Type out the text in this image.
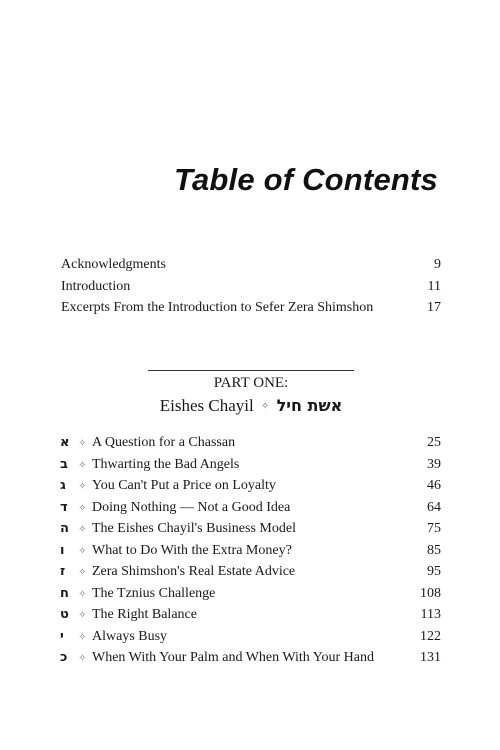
Table of Contents
Acknowledgments	9
Introduction	11
Excerpts From the Introduction to Sefer Zera Shimshon	17
PART ONE:
Eishes Chayil ✧ אשת חיל
א ✧ A Question for a Chassan	25
ב	✧ Thwarting the Bad Angels	39
ג	✧ You Can't Put a Price on Loyalty	46
ד	✧ Doing Nothing — Not a Good Idea	64
ה ✧ The Eishes Chayil's Business Model	75
ו	✧ What to Do With the Extra Money?	85
ז	✧ Zera Shimshon's Real Estate Advice	95
ח ✧ The Tznius Challenge	108
ט ✧ The Right Balance	113
י	✧ Always Busy	122
כ	✧ When With Your Palm and When With Your Hand	131
